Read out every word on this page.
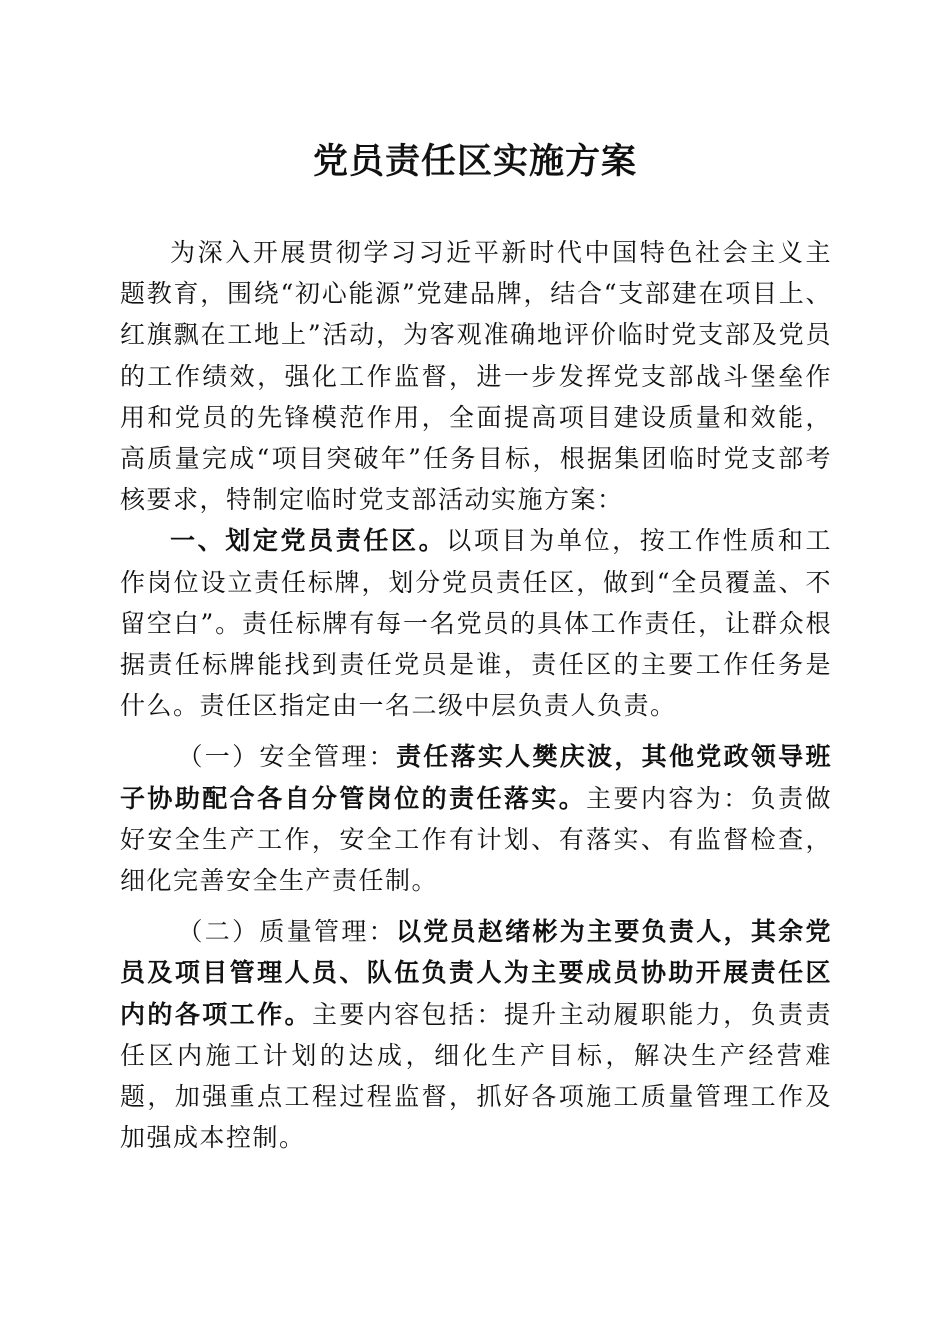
党员责任区实施方案

为深入开展贯彻学习习近平新时代中国特色社会主义主题教育，围绕“初心能源”党建品牌，结合“支部建在项目上、红旗飘在工地上”活动，为客观准确地评价临时党支部及党员的工作绩效，强化工作监督，进一步发挥党支部战斗堡垒作用和党员的先锋模范作用，全面提高项目建设质量和效能，高质量完成“项目突破年”任务目标，根据集团临时党支部考核要求，特制定临时党支部活动实施方案：

一、划定党员责任区。以项目为单位，按工作性质和工作岗位设立责任标牌，划分党员责任区，做到“全员覆盖、不留空白”。责任标牌有每一名党员的具体工作责任，让群众根据责任标牌能找到责任党员是谁，责任区的主要工作任务是什么。责任区指定由一名二级中层负责人负责。

（一）安全管理：责任落实人樊庆波，其他党政领导班子协助配合各自分管岗位的责任落实。主要内容为：负责做好安全生产工作，安全工作有计划、有落实、有监督检查，细化完善安全生产责任制。

（二）质量管理：以党员赵绪彬为主要负责人，其余党员及项目管理人员、队伍负责人为主要成员协助开展责任区内的各项工作。主要内容包括：提升主动履职能力，负责责任区内施工计划的达成，细化生产目标，解决生产经营难题，加强重点工程过程监督，抓好各项施工质量管理工作及加强成本控制。
